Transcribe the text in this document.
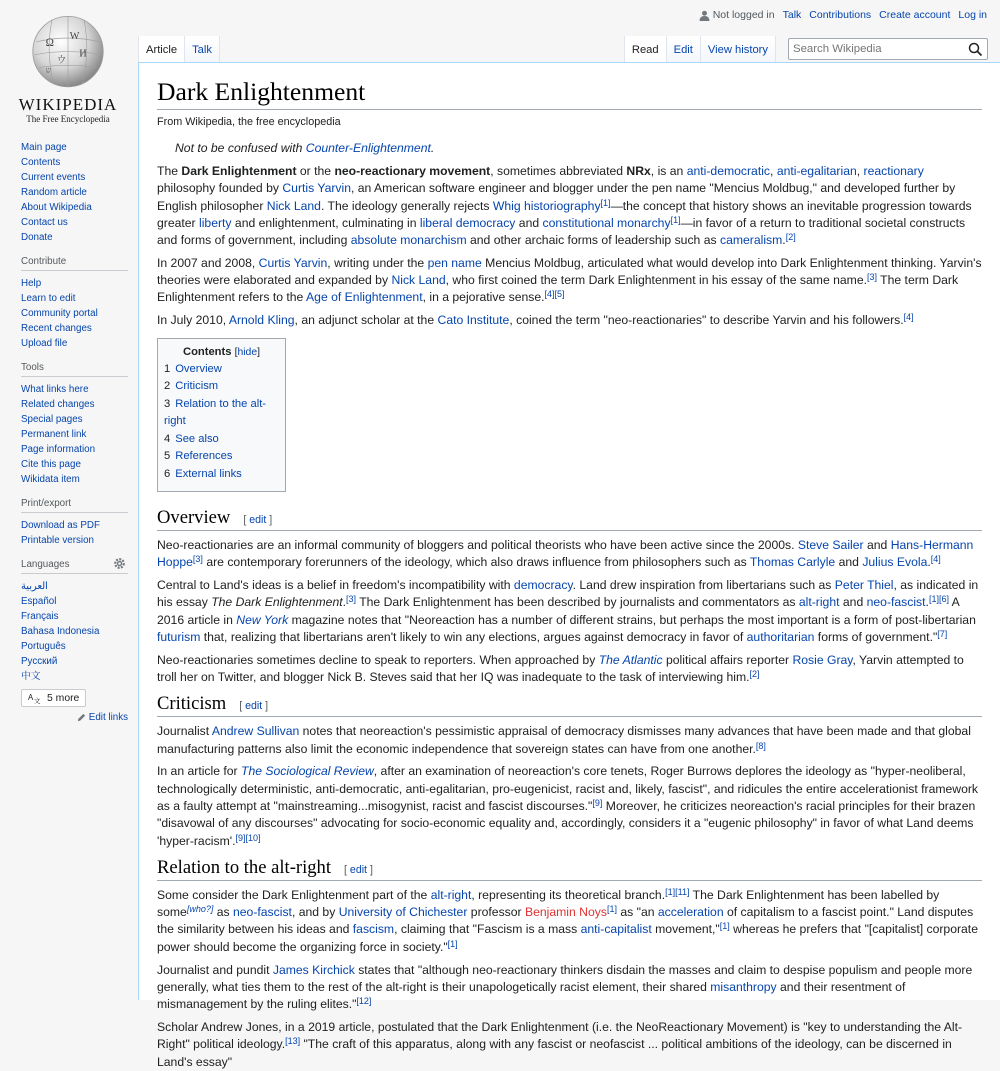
Ω
W
И
ウ
ש
WIKIPEDIA
The Free Encyclopedia
Not logged in Talk Contributions Create account Log in
Article	Talk	Read	Edit	View history
Search Wikipedia
Main page
Contents
Current events
Random article
About Wikipedia
Contact us
Donate
Contribute
Help
Learn to edit
Community portal
Recent changes
Upload file
Tools
What links here
Related changes
Special pages
Permanent link
Page information
Cite this page
Wikidata item
Print/export
Download as PDF
Printable version
Languages
العربية
Español
Français
Bahasa Indonesia
Português
Русский
中文
A 文 5 more
Edit links
Dark Enlightenment
From Wikipedia, the free encyclopedia
Not to be confused with Counter-Enlightenment.

The Dark Enlightenment or the neo-reactionary movement, sometimes abbreviated NRx, is an anti-democratic, anti-egalitarian, reactionary philosophy founded by Curtis Yarvin, an American software engineer and blogger under the pen name "Mencius Moldbug," and developed further by English philosopher Nick Land. The ideology generally rejects Whig historiography[1]—the concept that history shows an inevitable progression towards greater liberty and enlightenment, culminating in liberal democracy and constitutional monarchy[1]—in favor of a return to traditional societal constructs and forms of government, including absolute monarchism and other archaic forms of leadership such as cameralism.[2]

In 2007 and 2008, Curtis Yarvin, writing under the pen name Mencius Moldbug, articulated what would develop into Dark Enlightenment thinking. Yarvin's theories were elaborated and expanded by Nick Land, who first coined the term Dark Enlightenment in his essay of the same name.[3] The term Dark Enlightenment refers to the Age of Enlightenment, in a pejorative sense.[4][5]

In July 2010, Arnold Kling, an adjunct scholar at the Cato Institute, coined the term "neo-reactionaries" to describe Yarvin and his followers.[4]

Contents [hide]
1 Overview
2 Criticism
3 Relation to the alt-right
4 See also
5 References
6 External links
Overview [ edit ]

Neo-reactionaries are an informal community of bloggers and political theorists who have been active since the 2000s. Steve Sailer and Hans-Hermann Hoppe[3] are contemporary forerunners of the ideology, which also draws influence from philosophers such as Thomas Carlyle and Julius Evola.[4]

Central to Land's ideas is a belief in freedom's incompatibility with democracy. Land drew inspiration from libertarians such as Peter Thiel, as indicated in his essay The Dark Enlightenment.[3] The Dark Enlightenment has been described by journalists and commentators as alt-right and neo-fascist.[1][6] A 2016 article in New York magazine notes that "Neoreaction has a number of different strains, but perhaps the most important is a form of post-libertarian futurism that, realizing that libertarians aren't likely to win any elections, argues against democracy in favor of authoritarian forms of government."[7]

Neo-reactionaries sometimes decline to speak to reporters. When approached by The Atlantic political affairs reporter Rosie Gray, Yarvin attempted to troll her on Twitter, and blogger Nick B. Steves said that her IQ was inadequate to the task of interviewing him.[2]

Criticism [ edit ]

Journalist Andrew Sullivan notes that neoreaction's pessimistic appraisal of democracy dismisses many advances that have been made and that global manufacturing patterns also limit the economic independence that sovereign states can have from one another.[8]

In an article for The Sociological Review, after an examination of neoreaction's core tenets, Roger Burrows deplores the ideology as "hyper-neoliberal, technologically deterministic, anti-democratic, anti-egalitarian, pro-eugenicist, racist and, likely, fascist", and ridicules the entire accelerationist framework as a faulty attempt at "mainstreaming...misogynist, racist and fascist discourses."[9] Moreover, he criticizes neoreaction's racial principles for their brazen "disavowal of any discourses" advocating for socio-economic equality and, accordingly, considers it a "eugenic philosophy" in favor of what Land deems 'hyper-racism'.[9][10]

Relation to the alt-right [ edit ]

Some consider the Dark Enlightenment part of the alt-right, representing its theoretical branch.[1][11] The Dark Enlightenment has been labelled by some[who?] as neo-fascist, and by University of Chichester professor Benjamin Noys[1] as "an acceleration of capitalism to a fascist point." Land disputes the similarity between his ideas and fascism, claiming that "Fascism is a mass anti-capitalist movement,"[1] whereas he prefers that "[capitalist] corporate power should become the organizing force in society."[1]

Journalist and pundit James Kirchick states that "although neo-reactionary thinkers disdain the masses and claim to despise populism and people more generally, what ties them to the rest of the alt-right is their unapologetically racist element, their shared misanthropy and their resentment of mismanagement by the ruling elites."[12]

Scholar Andrew Jones, in a 2019 article, postulated that the Dark Enlightenment (i.e. the NeoReactionary Movement) is "key to understanding the Alt-Right" political ideology.[13] "The craft of this apparatus, along with any fascist or neofascist ... political ambitions of the ideology, can be discerned in Land's essay"
